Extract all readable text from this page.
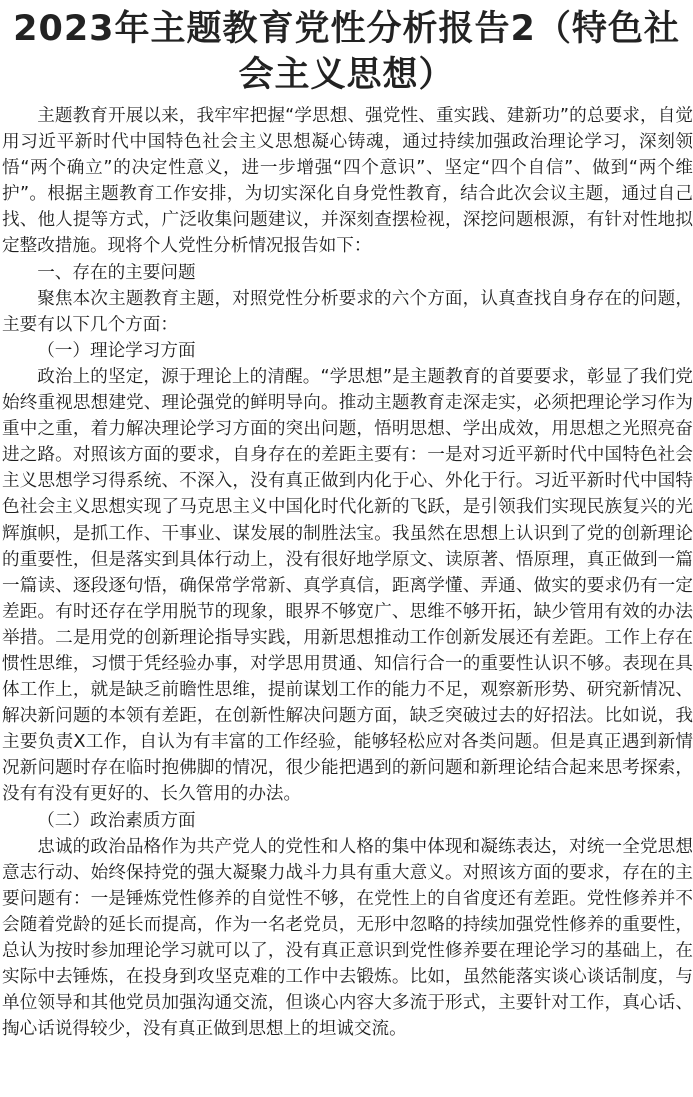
2023年主题教育党性分析报告2（特色社会主义思想）

主题教育开展以来，我牢牢把握“学思想、强党性、重实践、建新功”的总要求，自觉用习近平新时代中国特色社会主义思想凝心铸魂，通过持续加强政治理论学习，深刻领悟“两个确立”的决定性意义，进一步增强“四个意识”、坚定“四个自信”、做到“两个维护”。根据主题教育工作安排，为切实深化自身党性教育，结合此次会议主题，通过自己找、他人提等方式，广泛收集问题建议，并深刻查摆检视，深挖问题根源，有针对性地拟定整改措施。现将个人党性分析情况报告如下：

一、存在的主要问题

聚焦本次主题教育主题，对照党性分析要求的六个方面，认真查找自身存在的问题，主要有以下几个方面：

（一）理论学习方面

政治上的坚定，源于理论上的清醒。“学思想”是主题教育的首要要求，彰显了我们党始终重视思想建党、理论强党的鲜明导向。推动主题教育走深走实，必须把理论学习作为重中之重，着力解决理论学习方面的突出问题，悟明思想、学出成效，用思想之光照亮奋进之路。对照该方面的要求，自身存在的差距主要有：一是对习近平新时代中国特色社会主义思想学习得系统、不深入，没有真正做到内化于心、外化于行。习近平新时代中国特色社会主义思想实现了马克思主义中国化时代化新的飞跃，是引领我们实现民族复兴的光辉旗帜，是抓工作、干事业、谋发展的制胜法宝。我虽然在思想上认识到了党的创新理论的重要性，但是落实到具体行动上，没有很好地学原文、读原著、悟原理，真正做到一篇一篇读、逐段逐句悟，确保常学常新、真学真信，距离学懂、弄通、做实的要求仍有一定差距。有时还存在学用脱节的现象，眼界不够宽广、思维不够开拓，缺少管用有效的办法举措。二是用党的创新理论指导实践，用新思想推动工作创新发展还有差距。工作上存在惯性思维，习惯于凭经验办事，对学思用贯通、知信行合一的重要性认识不够。表现在具体工作上，就是缺乏前瞻性思维，提前谋划工作的能力不足，观察新形势、研究新情况、解决新问题的本领有差距，在创新性解决问题方面，缺乏突破过去的好招法。比如说，我主要负责X工作，自认为有丰富的工作经验，能够轻松应对各类问题。但是真正遇到新情况新问题时存在临时抱佛脚的情况，很少能把遇到的新问题和新理论结合起来思考探索，没有有没有更好的、长久管用的办法。

（二）政治素质方面

忠诚的政治品格作为共产党人的党性和人格的集中体现和凝练表达，对统一全党思想意志行动、始终保持党的强大凝聚力战斗力具有重大意义。对照该方面的要求，存在的主要问题有：一是锤炼党性修养的自觉性不够，在党性上的自省度还有差距。党性修养并不会随着党龄的延长而提高，作为一名老党员，无形中忽略的持续加强党性修养的重要性，总认为按时参加理论学习就可以了，没有真正意识到党性修养要在理论学习的基础上，在实际中去锤炼，在投身到攻坚克难的工作中去锻炼。比如，虽然能落实谈心谈话制度，与单位领导和其他党员加强沟通交流，但谈心内容大多流于形式，主要针对工作，真心话、掏心话说得较少，没有真正做到思想上的坦诚交流。
